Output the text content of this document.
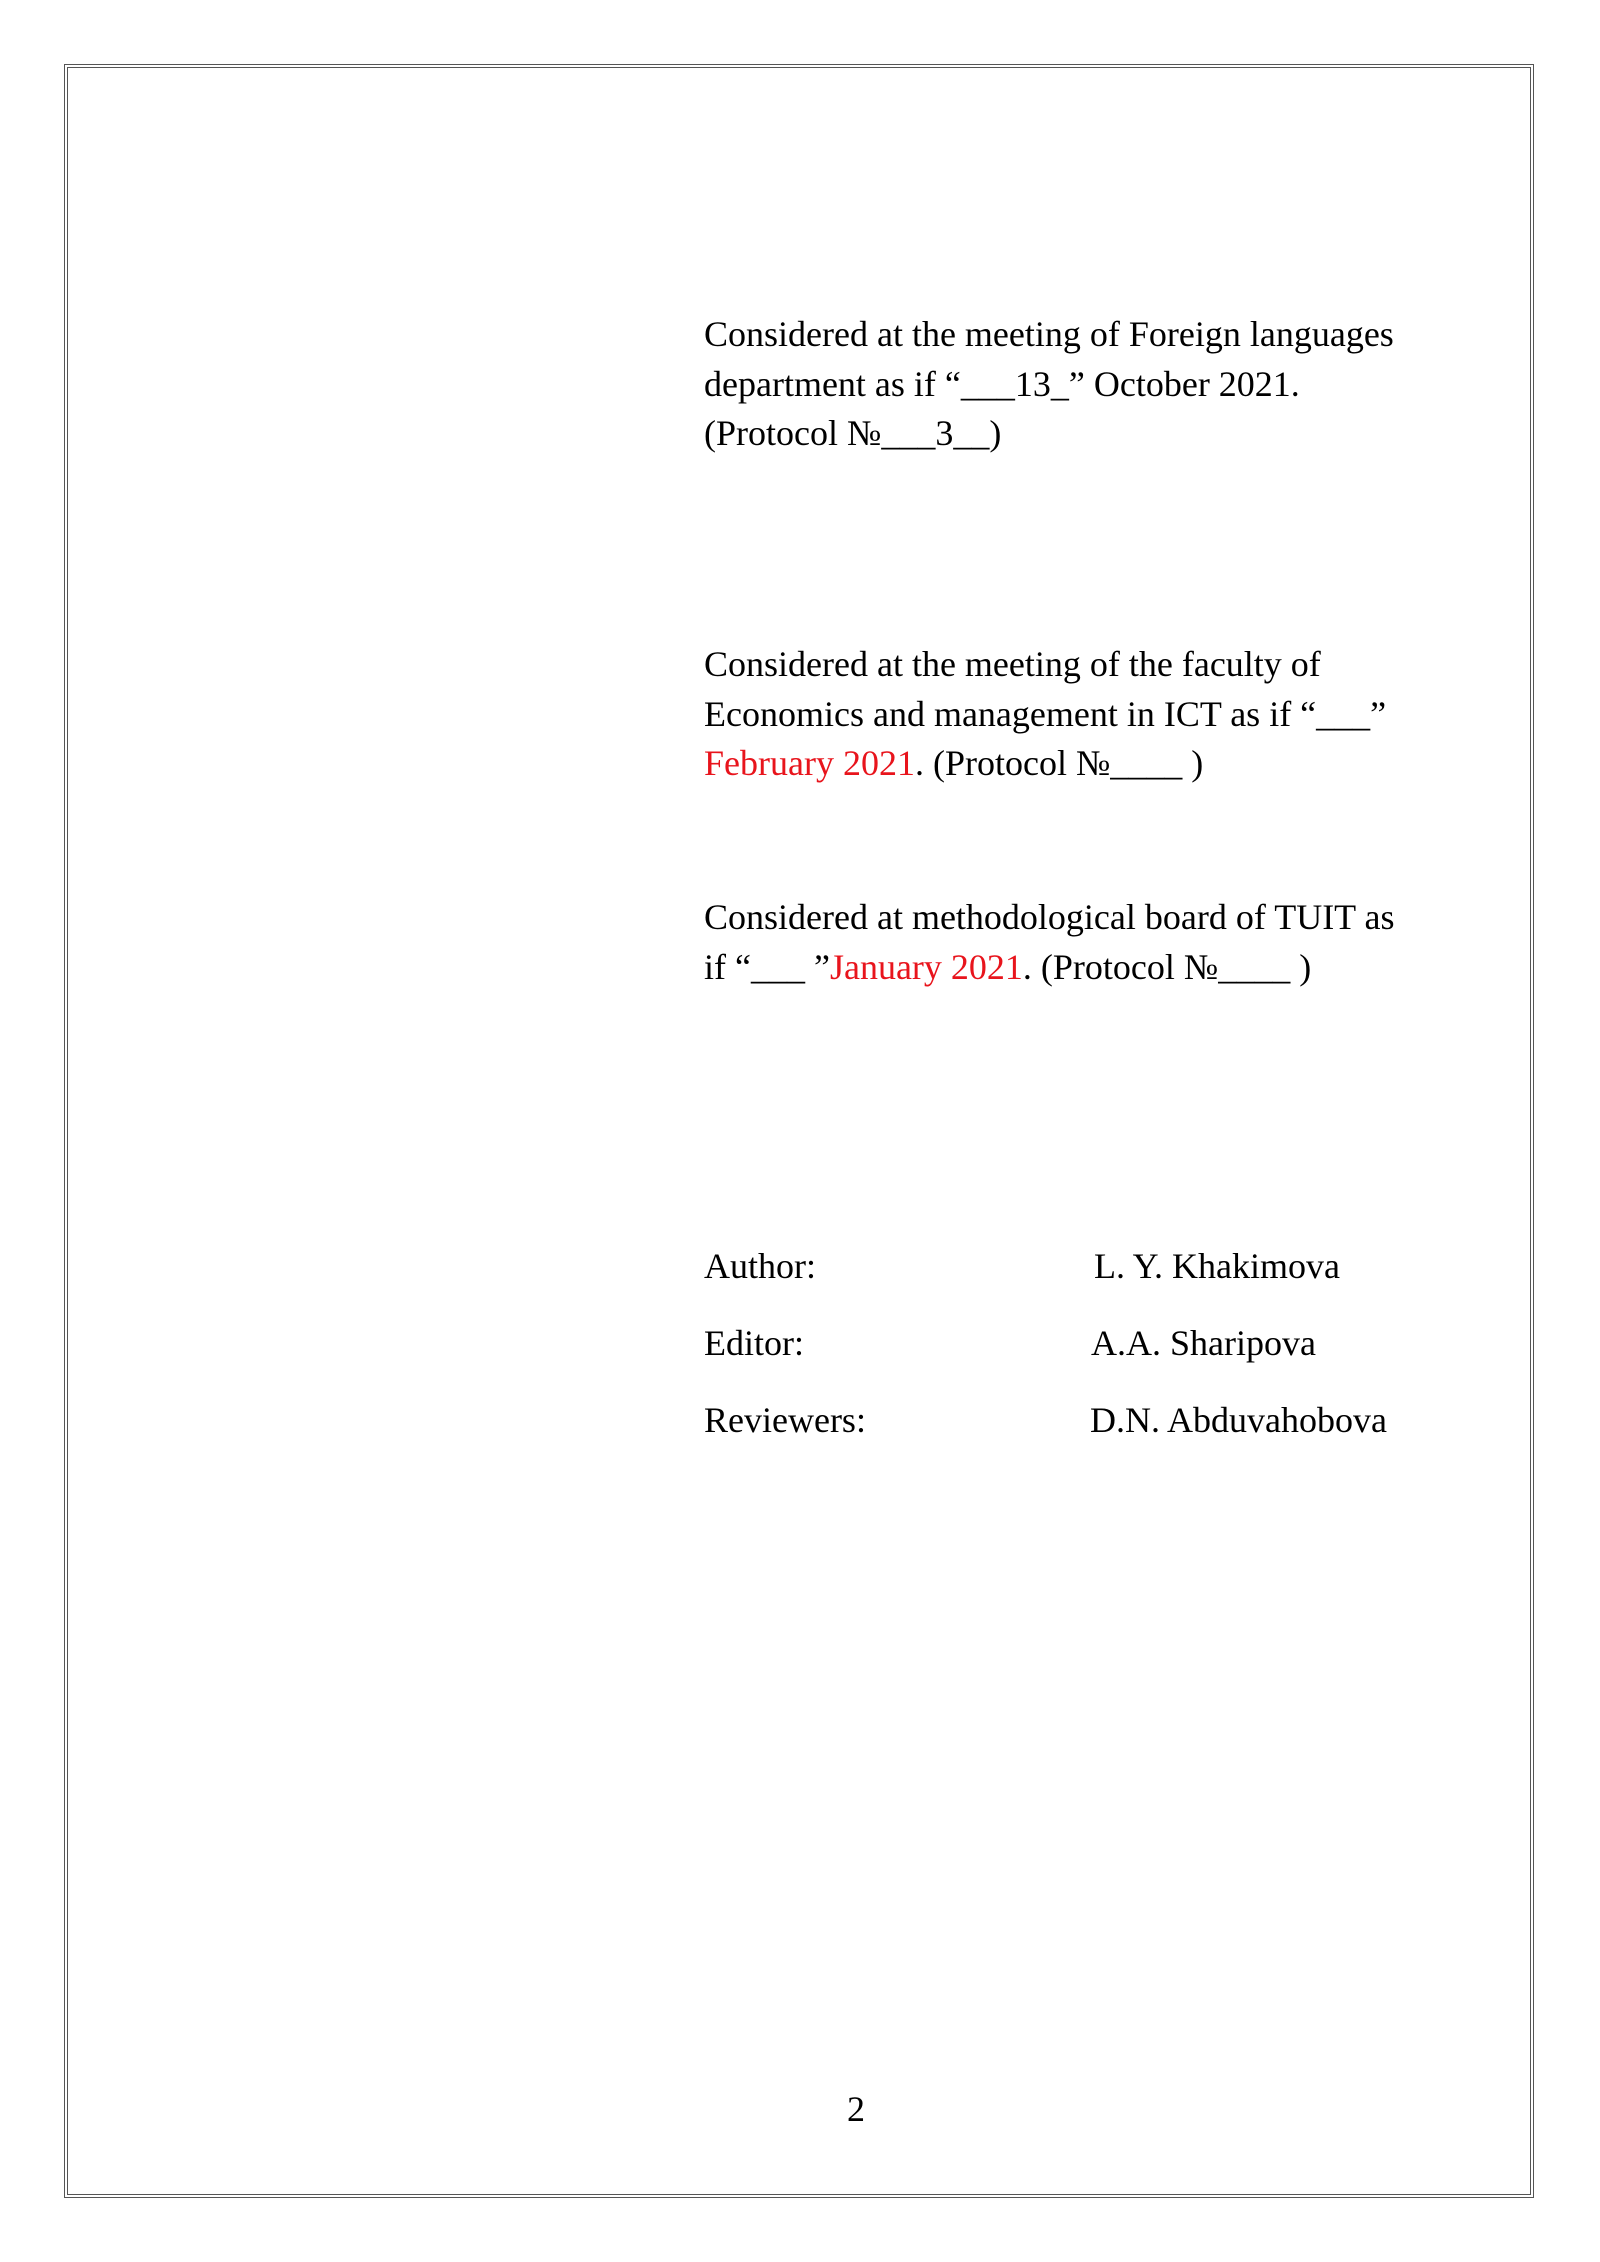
Considered at the meeting of Foreign languages
department as if “___13_” October 2021.
(Protocol №___3__)
Considered at the meeting of the faculty of
Economics and management in ICT as if “___”
February 2021. (Protocol №____ )
Considered at methodological board of TUIT as
if “___ ”January 2021. (Protocol №____ )
Author:	L. Y. Khakimova
Editor:	A.A. Sharipova
Reviewers:	D.N. Abduvahobova
2
